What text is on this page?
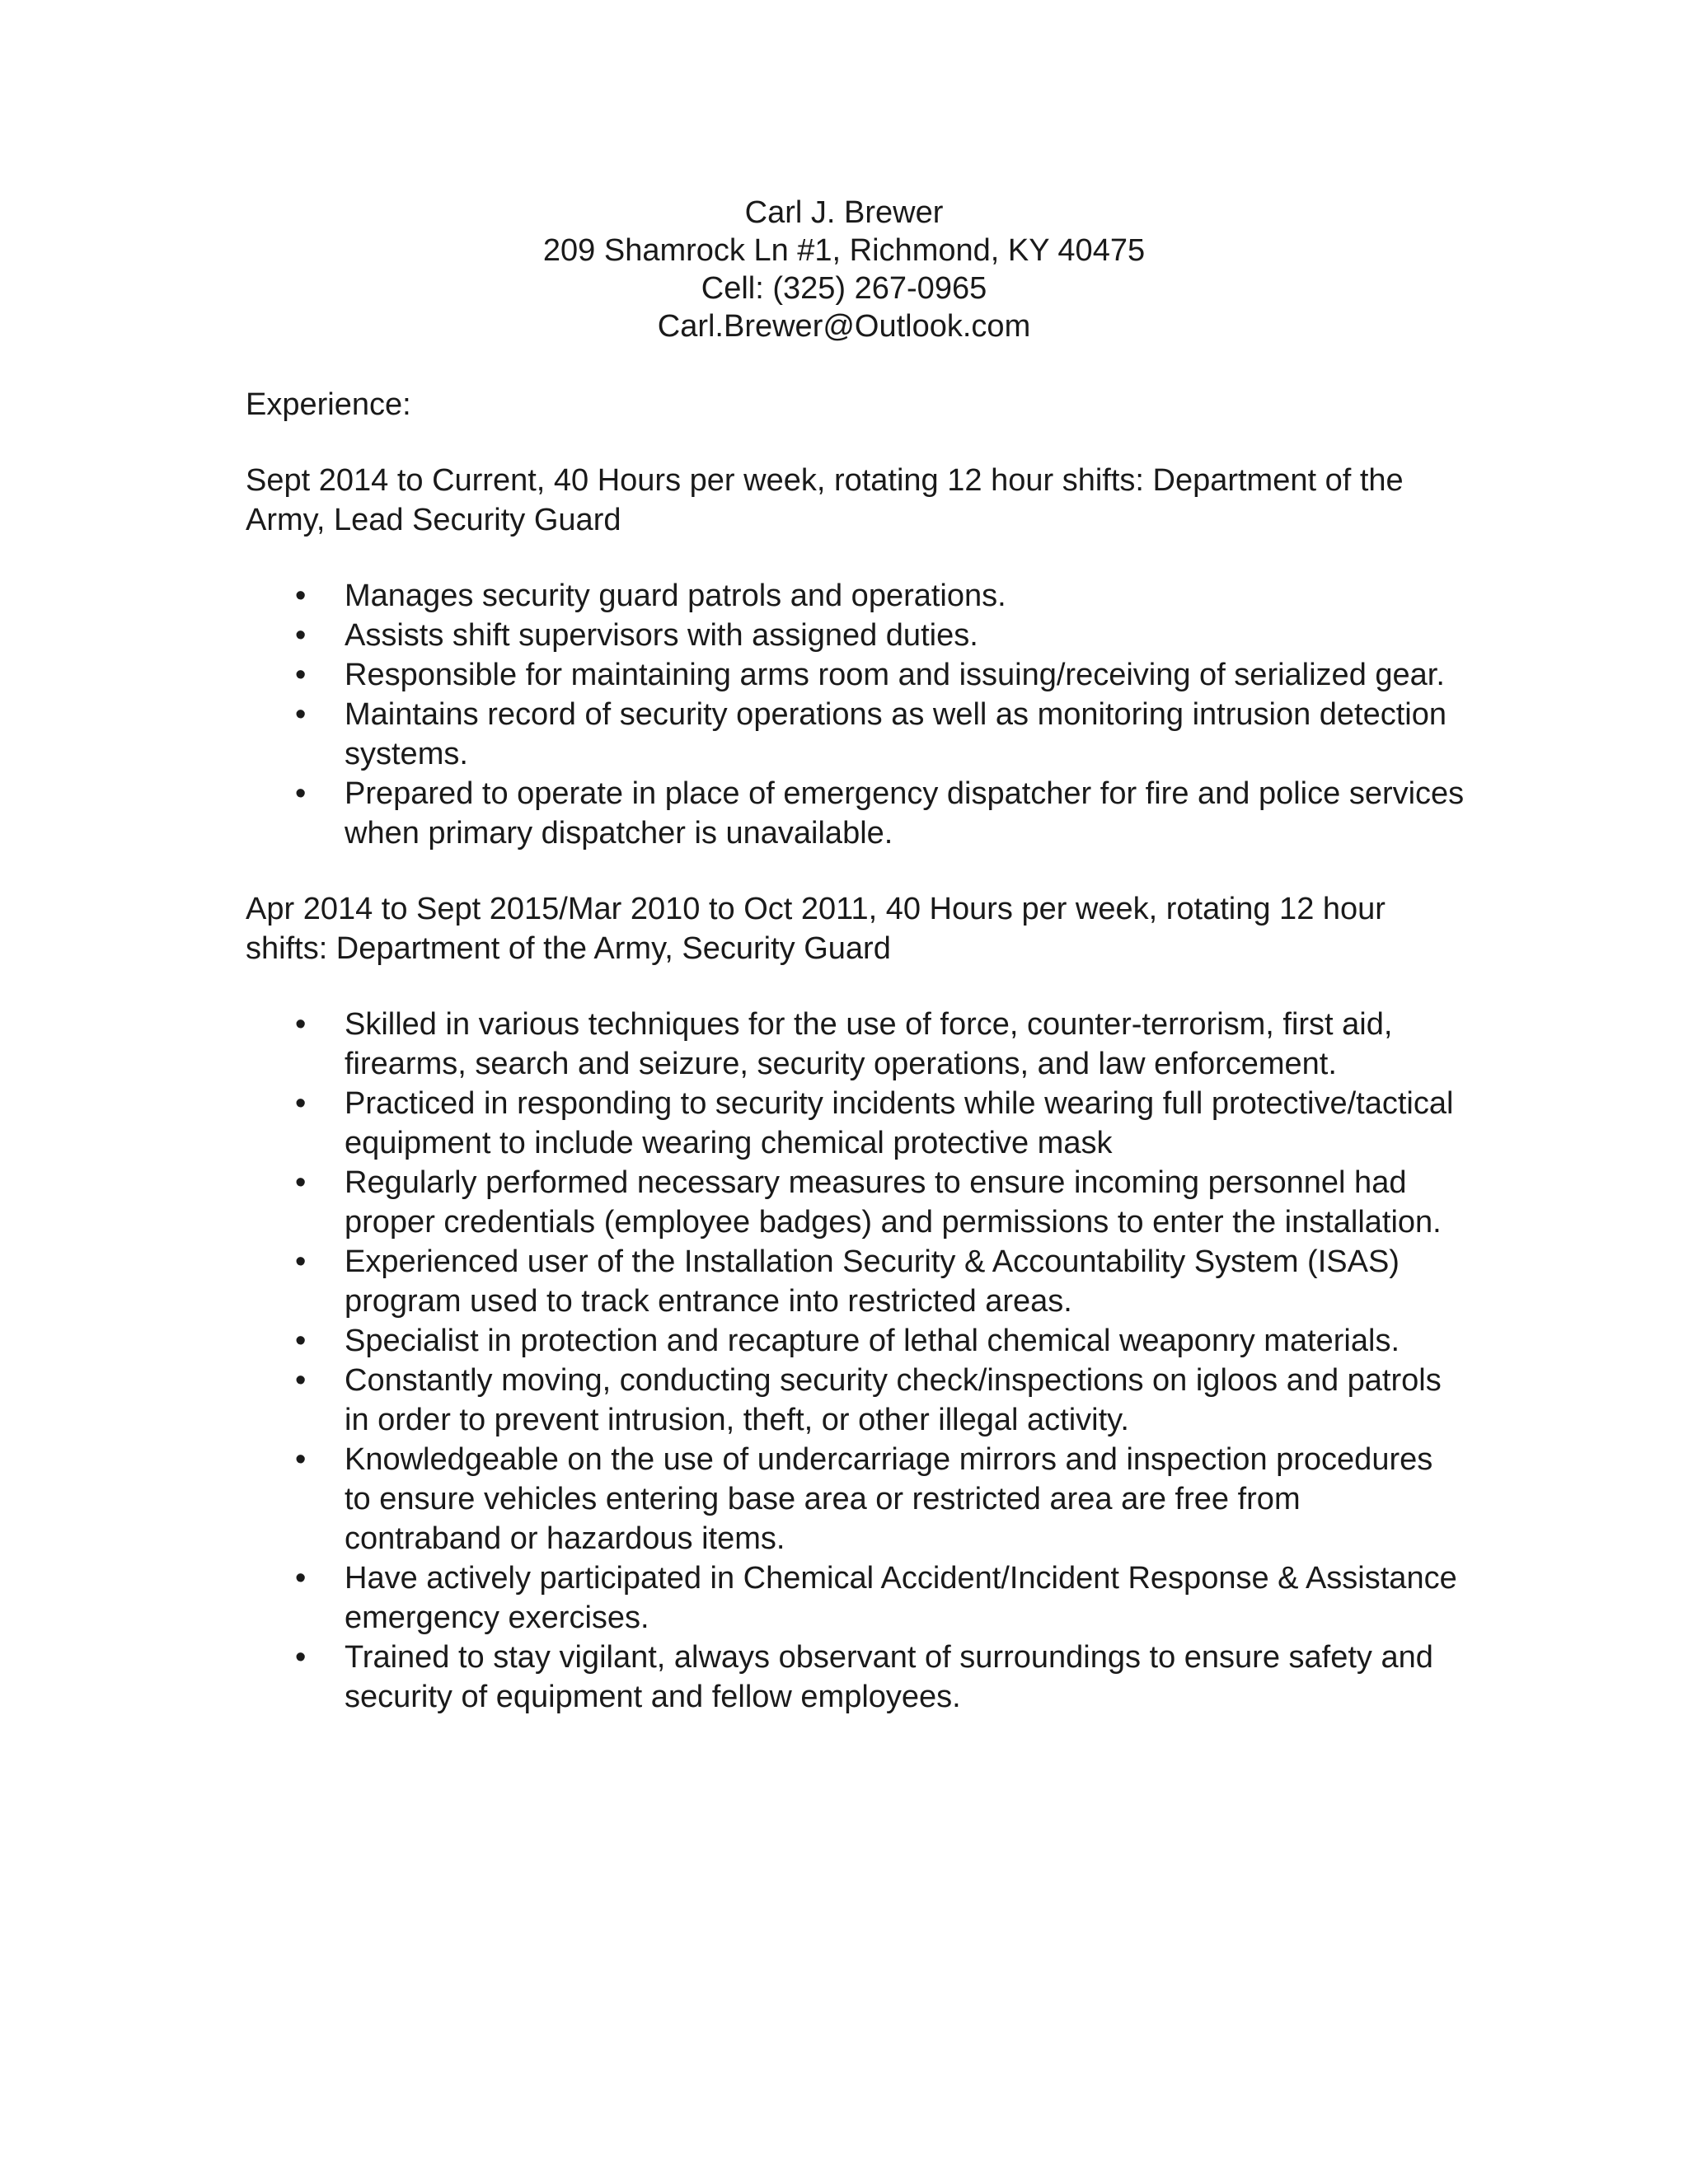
Carl J. Brewer
209 Shamrock Ln #1, Richmond, KY 40475
Cell: (325) 267-0965
Carl.Brewer@Outlook.com
Experience:
Sept 2014 to Current, 40 Hours per week, rotating 12 hour shifts: Department of the Army, Lead Security Guard
•	Manages security guard patrols and operations.
•	Assists shift supervisors with assigned duties.
•	Responsible for maintaining arms room and issuing/receiving of serialized gear.
•	Maintains record of security operations as well as monitoring intrusion detection systems.
•	Prepared to operate in place of emergency dispatcher for fire and police services when primary dispatcher is unavailable.
Apr 2014 to Sept 2015/Mar 2010 to Oct 2011, 40 Hours per week, rotating 12 hour shifts: Department of the Army, Security Guard
•	Skilled in various techniques for the use of force, counter-terrorism, first aid, firearms, search and seizure, security operations, and law enforcement.
•	Practiced in responding to security incidents while wearing full protective/tactical equipment to include wearing chemical protective mask
•	Regularly performed necessary measures to ensure incoming personnel had proper credentials (employee badges) and permissions to enter the installation.
•	Experienced user of the Installation Security & Accountability System (ISAS) program used to track entrance into restricted areas.
•	Specialist in protection and recapture of lethal chemical weaponry materials.
•	Constantly moving, conducting security check/inspections on igloos and patrols in order to prevent intrusion, theft, or other illegal activity.
•	Knowledgeable on the use of undercarriage mirrors and inspection procedures to ensure vehicles entering base area or restricted area are free from contraband or hazardous items.
•	Have actively participated in Chemical Accident/Incident Response & Assistance emergency exercises.
•	Trained to stay vigilant, always observant of surroundings to ensure safety and security of equipment and fellow employees.
